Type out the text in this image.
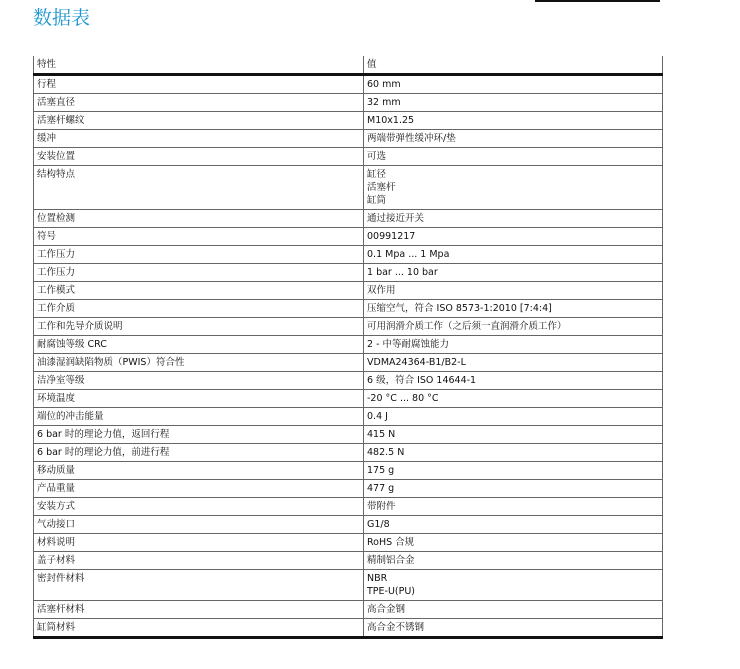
数据表
特性	值
行程	60 mm

活塞直径	32 mm

活塞杆螺纹	M10x1.25

缓冲	两端带弹性缓冲环/垫

安装位置	可选

结构特点	缸径
活塞杆
缸筒

位置检测	通过接近开关

符号	00991217

工作压力	0.1 Mpa ... 1 Mpa

工作压力	1 bar ... 10 bar

工作模式	双作用

工作介质	压缩空气，符合 ISO 8573-1:2010 [7:4:4]

工作和先导介质说明	可用润滑介质工作（之后须一直润滑介质工作）

耐腐蚀等级 CRC	2 - 中等耐腐蚀能力

油漆湿润缺陷物质（PWIS）符合性	VDMA24364-B1/B2-L

洁净室等级	6 级，符合 ISO 14644-1

环境温度	-20 °C ... 80 °C

端位的冲击能量	0.4 J

6 bar 时的理论力值，返回行程	415 N

6 bar 时的理论力值，前进行程	482.5 N

移动质量	175 g

产品重量	477 g

安装方式	带附件

气动接口	G1/8

材料说明	RoHS 合规

盖子材料	精制铝合金

密封件材料	NBR
TPE-U(PU)

活塞杆材料	高合金钢

缸筒材料	高合金不锈钢
